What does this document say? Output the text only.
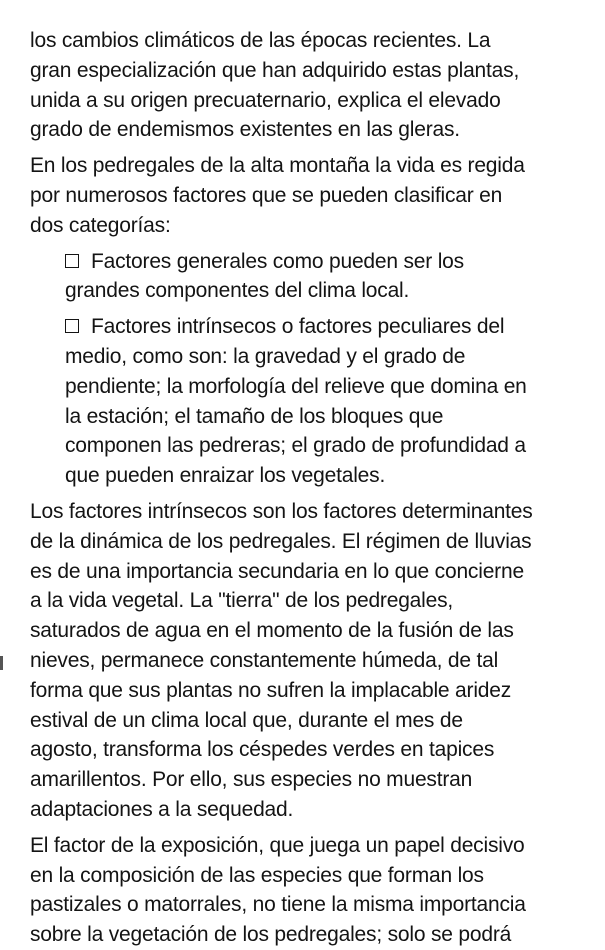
los cambios climáticos de las épocas recientes. La
gran especialización que han adquirido estas plantas,
unida a su origen precuaternario, explica el elevado
grado de endemismos existentes en las gleras.
En los pedregales de la alta montaña la vida es regida
por numerosos factores que se pueden clasificar en
dos categorías:
Factores generales como pueden ser los
grandes componentes del clima local.
Factores intrínsecos o factores peculiares del
medio, como son: la gravedad y el grado de
pendiente; la morfología del relieve que domina en
la estación; el tamaño de los bloques que
componen las pedreras; el grado de profundidad a
que pueden enraizar los vegetales.
Los factores intrínsecos son los factores determinantes
de la dinámica de los pedregales. El régimen de lluvias
es de una importancia secundaria en lo que concierne
a la vida vegetal. La "tierra" de los pedregales,
saturados de agua en el momento de la fusión de las
nieves, permanece constantemente húmeda, de tal
forma que sus plantas no sufren la implacable aridez
estival de un clima local que, durante el mes de
agosto, transforma los céspedes verdes en tapices
amarillentos. Por ello, sus especies no muestran
adaptaciones a la sequedad.
El factor de la exposición, que juega un papel decisivo
en la composición de las especies que forman los
pastizales o matorrales, no tiene la misma importancia
sobre la vegetación de los pedregales; solo se podrá
